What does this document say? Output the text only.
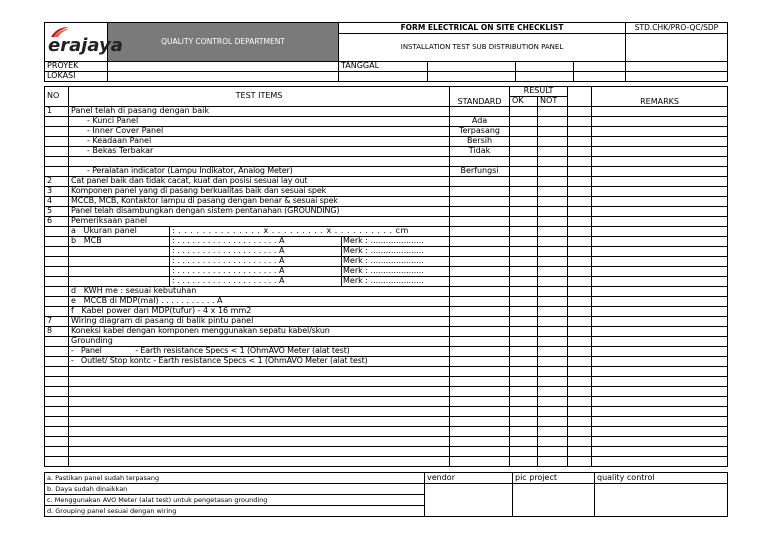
erajaya	QUALITY CONTROL DEPARTMENT	FORM ELECTRICAL ON SITE CHECKLIST				STD.CHK/PRO-QC/SDP
		INSTALLATION TEST SUB DISTRIBUTION PANEL				
PROYEK		TANGGAL				
LOKASI						
NO	TEST ITEMS			STANDARD	RESULT			REMARKS
					OK	NOT		
1	Panel telah di pasang dengan baik							
	- Kunci Panel			Ada				
	- Inner Cover Panel			Terpasang				
	- Keadaan Panel			Bersih				
	- Bekas Terbakar			Tidak				

	- Peralatan indicator (Lampu Indikator, Analog Meter)			Berfungsi				
2	Cat panel baik dan tidak cacat, kuat dan posisi sesuai lay out							
3	Komponen panel yang di pasang berkualitas baik dan sesuai spek							
4	MCCB, MCB, Kontaktor lampu di pasang dengan benar & sesuai spek							
5	Panel telah disambungkan dengan sistem pentanahan (GROUNDING)							
6	Pemeriksaan panel							
	a Ukuran panel	: . . . . . . . . . . . . . . x . . . . . . . . . x . . . . . . . . . . cm						
	b MCB	: . . . . . . . . . . . . . . . . . . . . A	Merk : .....................					
		: . . . . . . . . . . . . . . . . . . . . A	Merk : .....................					
		: . . . . . . . . . . . . . . . . . . . . A	Merk : .....................					
		: . . . . . . . . . . . . . . . . . . . . A	Merk : .....................					
		: . . . . . . . . . . . . . . . . . . . . A	Merk : .....................					
	d KWH me : sesuai kebutuhan							
	e MCCB di MDP(mal) . . . . . . . . . . . A							
	f Kabel power dari MDP(tufur) - 4 x 16 mm2							
7	Wiring diagram di pasang di balik pintu panel							
8	Koneksi kabel dengan komponen menggunakan sepatu kabel/skun							
	Grounding							
	-   Panel              - Earth resistance Specs < 1 (OhmAVO Meter (alat test)							
	-   Outlet/ Stop kontc - Earth resistance Specs < 1 (OhmAVO Meter (alat test)							

a. Pastikan panel sudah terpasang	vendor	pic project	quality control
b. Daya sudah dinaikkan			
c. Menggunakan AVO Meter (alat test) untuk pengetasan grounding			
d. Grouping panel sesuai dengan wiring			
